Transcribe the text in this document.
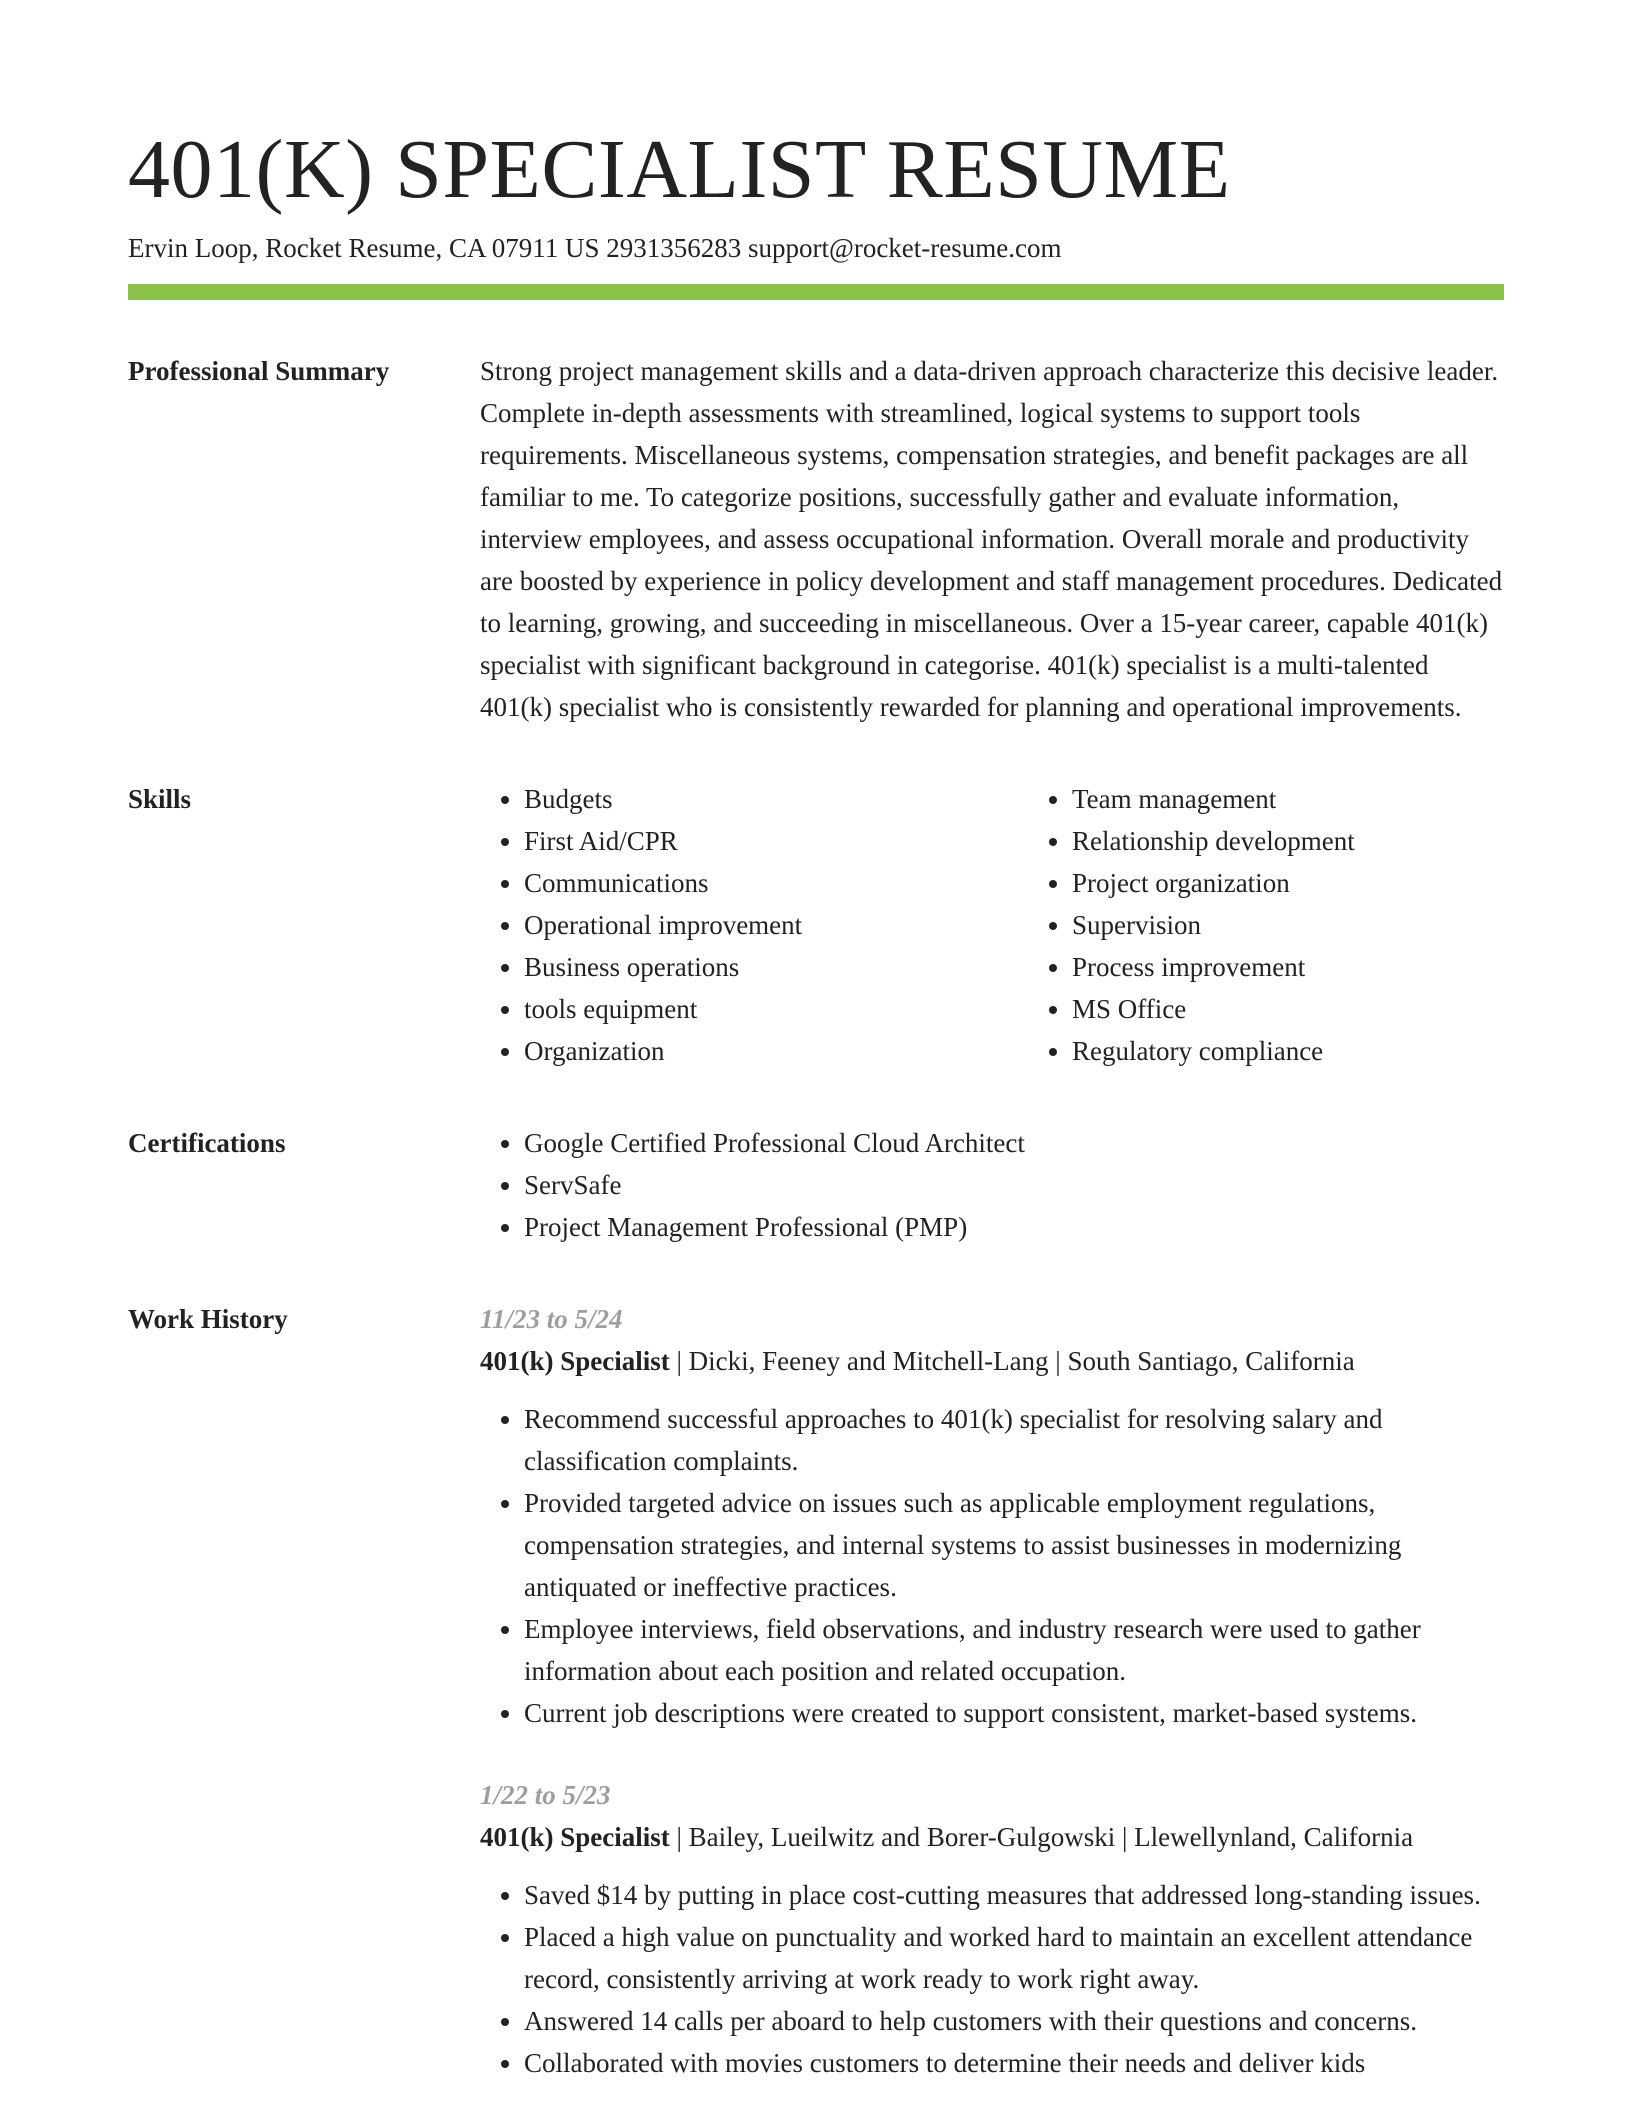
401(K) SPECIALIST RESUME
Ervin Loop, Rocket Resume, CA 07911 US 2931356283 support@rocket-resume.com
Professional Summary	Strong project management skills and a data-driven approach characterize this decisive leader. Complete in-depth assessments with streamlined, logical systems to support tools requirements. Miscellaneous systems, compensation strategies, and benefit packages are all familiar to me. To categorize positions, successfully gather and evaluate information, interview employees, and assess occupational information. Overall morale and productivity are boosted by experience in policy development and staff management procedures. Dedicated to learning, growing, and succeeding in miscellaneous. Over a 15-year career, capable 401(k) specialist with significant background in categorise. 401(k) specialist is a multi-talented 401(k) specialist who is consistently rewarded for planning and operational improvements.

Skills	• Budgets
• First Aid/CPR
• Communications
• Operational improvement
• Business operations
• tools equipment
• Organization
• Team management
• Relationship development
• Project organization
• Supervision
• Process improvement
• MS Office
• Regulatory compliance
Certifications	• Google Certified Professional Cloud Architect
• ServSafe
• Project Management Professional (PMP)
Work History	11/23 to 5/24
401(k) Specialist | Dicki, Feeney and Mitchell-Lang | South Santiago, California
• Recommend successful approaches to 401(k) specialist for resolving salary and classification complaints.
• Provided targeted advice on issues such as applicable employment regulations, compensation strategies, and internal systems to assist businesses in modernizing antiquated or ineffective practices.
• Employee interviews, field observations, and industry research were used to gather information about each position and related occupation.
• Current job descriptions were created to support consistent, market-based systems.
1/22 to 5/23
401(k) Specialist | Bailey, Lueilwitz and Borer-Gulgowski | Llewellynland, California
• Saved $14 by putting in place cost-cutting measures that addressed long-standing issues.
• Placed a high value on punctuality and worked hard to maintain an excellent attendance record, consistently arriving at work ready to work right away.
• Answered 14 calls per aboard to help customers with their questions and concerns.
• Collaborated with movies customers to determine their needs and deliver kids
